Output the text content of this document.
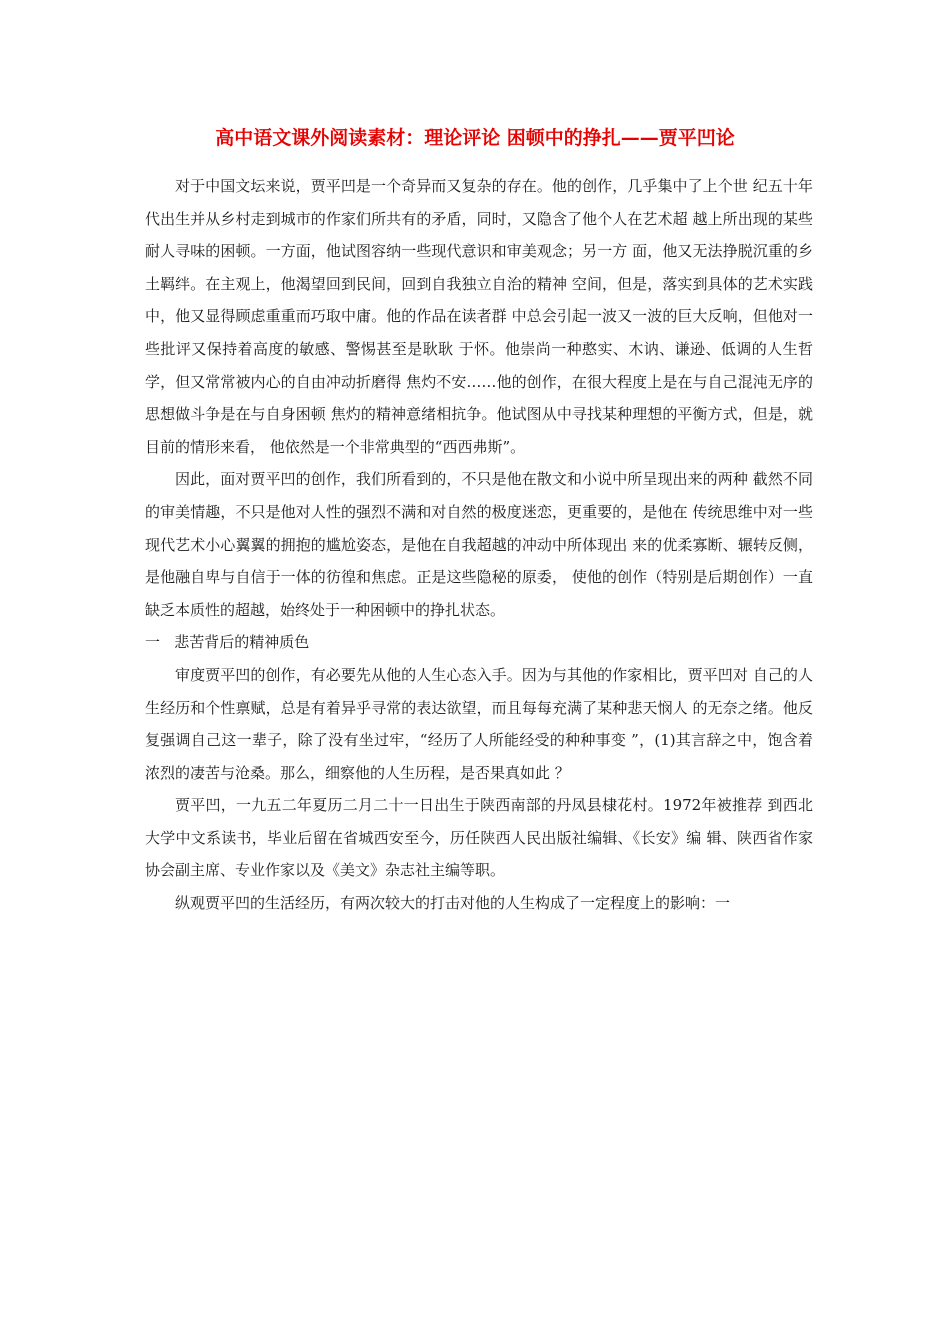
高中语文课外阅读素材：理论评论 困顿中的挣扎——贾平凹论

对于中国文坛来说，贾平凹是一个奇异而又复杂的存在。他的创作，几乎集中了上个世 纪五十年代出生并从乡村走到城市的作家们所共有的矛盾，同时，又隐含了他个人在艺术超 越上所出现的某些耐人寻味的困顿。一方面，他试图容纳一些现代意识和审美观念；另一方 面，他又无法挣脱沉重的乡土羁绊。在主观上，他渴望回到民间，回到自我独立自治的精神 空间，但是，落实到具体的艺术实践中，他又显得顾虑重重而巧取中庸。他的作品在读者群 中总会引起一波又一波的巨大反响，但他对一些批评又保持着高度的敏感、警惕甚至是耿耿 于怀。他崇尚一种憨实、木讷、谦逊、低调的人生哲学，但又常常被内心的自由冲动折磨得 焦灼不安……他的创作，在很大程度上是在与自己混沌无序的思想做斗争是在与自身困顿 焦灼的精神意绪相抗争。他试图从中寻找某种理想的平衡方式，但是，就目前的情形来看， 他依然是一个非常典型的“西西弗斯”。

因此，面对贾平凹的创作，我们所看到的，不只是他在散文和小说中所呈现出来的两种 截然不同的审美情趣，不只是他对人性的强烈不满和对自然的极度迷恋，更重要的，是他在 传统思维中对一些现代艺术小心翼翼的拥抱的尴尬姿态，是他在自我超越的冲动中所体现出 来的优柔寡断、辗转反侧，是他融自卑与自信于一体的彷徨和焦虑。正是这些隐秘的原委， 使他的创作（特别是后期创作）一直缺乏本质性的超越，始终处于一种困顿中的挣扎状态。

一   悲苦背后的精神质色

审度贾平凹的创作，有必要先从他的人生心态入手。因为与其他的作家相比，贾平凹对 自己的人生经历和个性禀赋，总是有着异乎寻常的表达欲望，而且每每充满了某种悲天悯人 的无奈之绪。他反复强调自己这一辈子，除了没有坐过牢，“经历了人所能经受的种种事变 ”，(1)其言辞之中，饱含着浓烈的凄苦与沧桑。那么，细察他的人生历程，是否果真如此 ？

贾平凹，一九五二年夏历二月二十一日出生于陕西南部的丹凤县棣花村。1972年被推荐 到西北大学中文系读书，毕业后留在省城西安至今，历任陕西人民出版社编辑、《长安》编 辑、陕西省作家协会副主席、专业作家以及《美文》杂志社主编等职。

纵观贾平凹的生活经历，有两次较大的打击对他的人生构成了一定程度上的影响：一
